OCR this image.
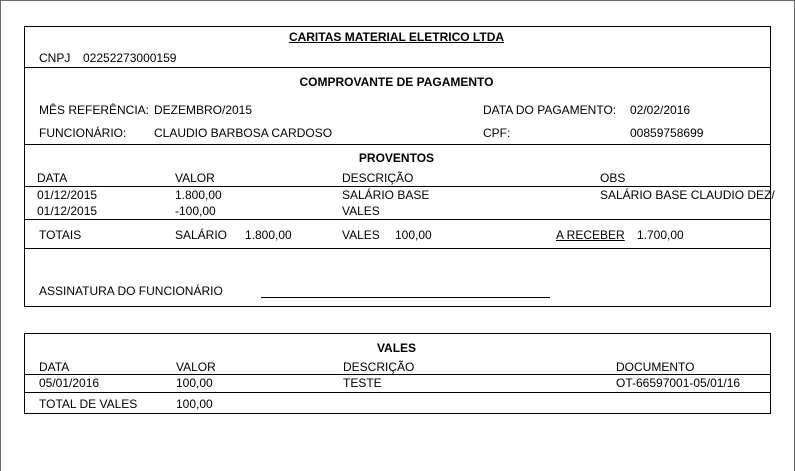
CARITAS MATERIAL ELETRICO LTDA
CNPJ 02252273000159
COMPROVANTE DE PAGAMENTO
MÊS REFERÊNCIA: DEZEMBRO/2015	DATA DO PAGAMENTO: 02/02/2016
FUNCIONÁRIO: CLAUDIO BARBOSA CARDOSO	CPF:	00859758699
PROVENTOS
DATA	VALOR	DESCRIÇÃO	OBS
01/12/2015	1.800,00	SALÁRIO BASE	SALÁRIO BASE CLAUDIO DEZ/
01/12/2015	-100,00	VALES
TOTAIS	SALÁRIO 1.800,00	VALES 100,00	A RECEBER 1.700,00
ASSINATURA DO FUNCIONÁRIO
VALES
DATA	VALOR	DESCRIÇÃO	DOCUMENTO
05/01/2016	100,00	TESTE	OT-66597001-05/01/16
TOTAL DE VALES	100,00
